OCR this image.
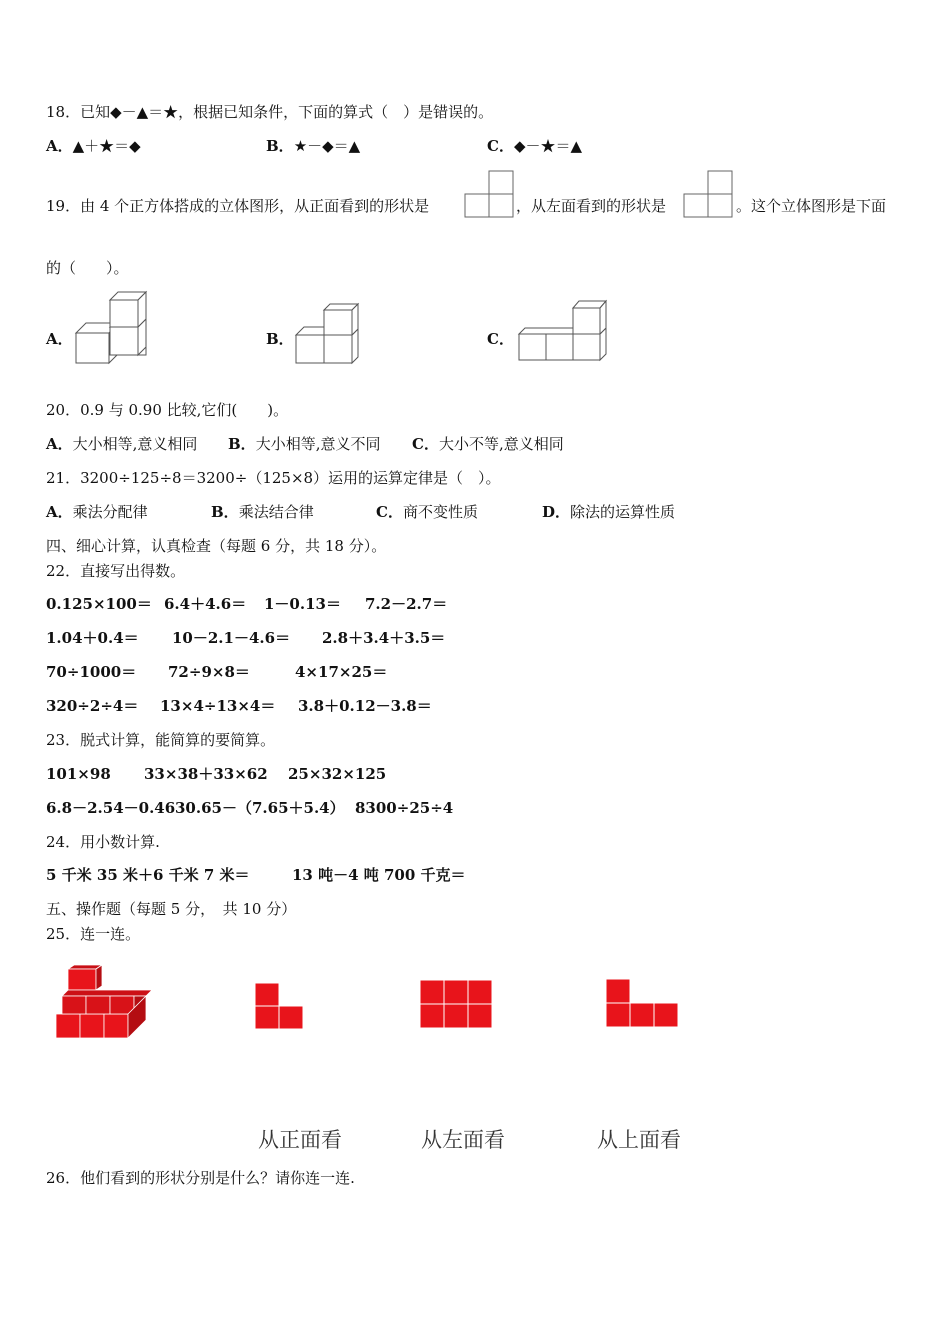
18．已知◆－▲＝★，根据已知条件，下面的算式（　）是错误的。
A．▲＋★＝◆	B．★－◆＝▲	C．◆－★＝▲
19．由 4 个正方体搭成的立体图形，从正面看到的形状是	，从左面看到的形状是	。这个立体图形是下面
的（　　）。
A．	B．	C．
20．0.9 与 0.90 比较,它们(　　)。
A．大小相等,意义相同 B．大小相等,意义不同 C．大小不等,意义相同
21．3200÷125÷8＝3200÷（125×8）运用的运算定律是（　）。
A．乘法分配律	B．乘法结合律	C．商不变性质	D．除法的运算性质
四、细心计算，认真检查（每题 6 分，共 18 分）。
22．直接写出得数。
0.125×100＝ 6.4＋4.6＝ 1－0.13＝ 7.2－2.7＝
1.04＋0.4＝ 10－2.1－4.6＝ 2.8＋3.4＋3.5＝
70÷1000＝ 72÷9×8＝	4×17×25＝
320÷2÷4＝ 13×4÷13×4＝ 3.8＋0.12－3.8＝
23．脱式计算，能简算的要简算。
101×98 33×38＋33×62 25×32×125
6.8－2.54－0.46 30.65－（7.65＋5.4） 8300÷25÷4
24．用小数计算.
5 千米 35 米＋6 千米 7 米＝	13 吨－4 吨 700 千克＝
五、操作题（每题 5 分，　共 10 分）
25．连一连。
从正面看	从左面看	从上面看
26．他们看到的形状分别是什么？请你连一连.
